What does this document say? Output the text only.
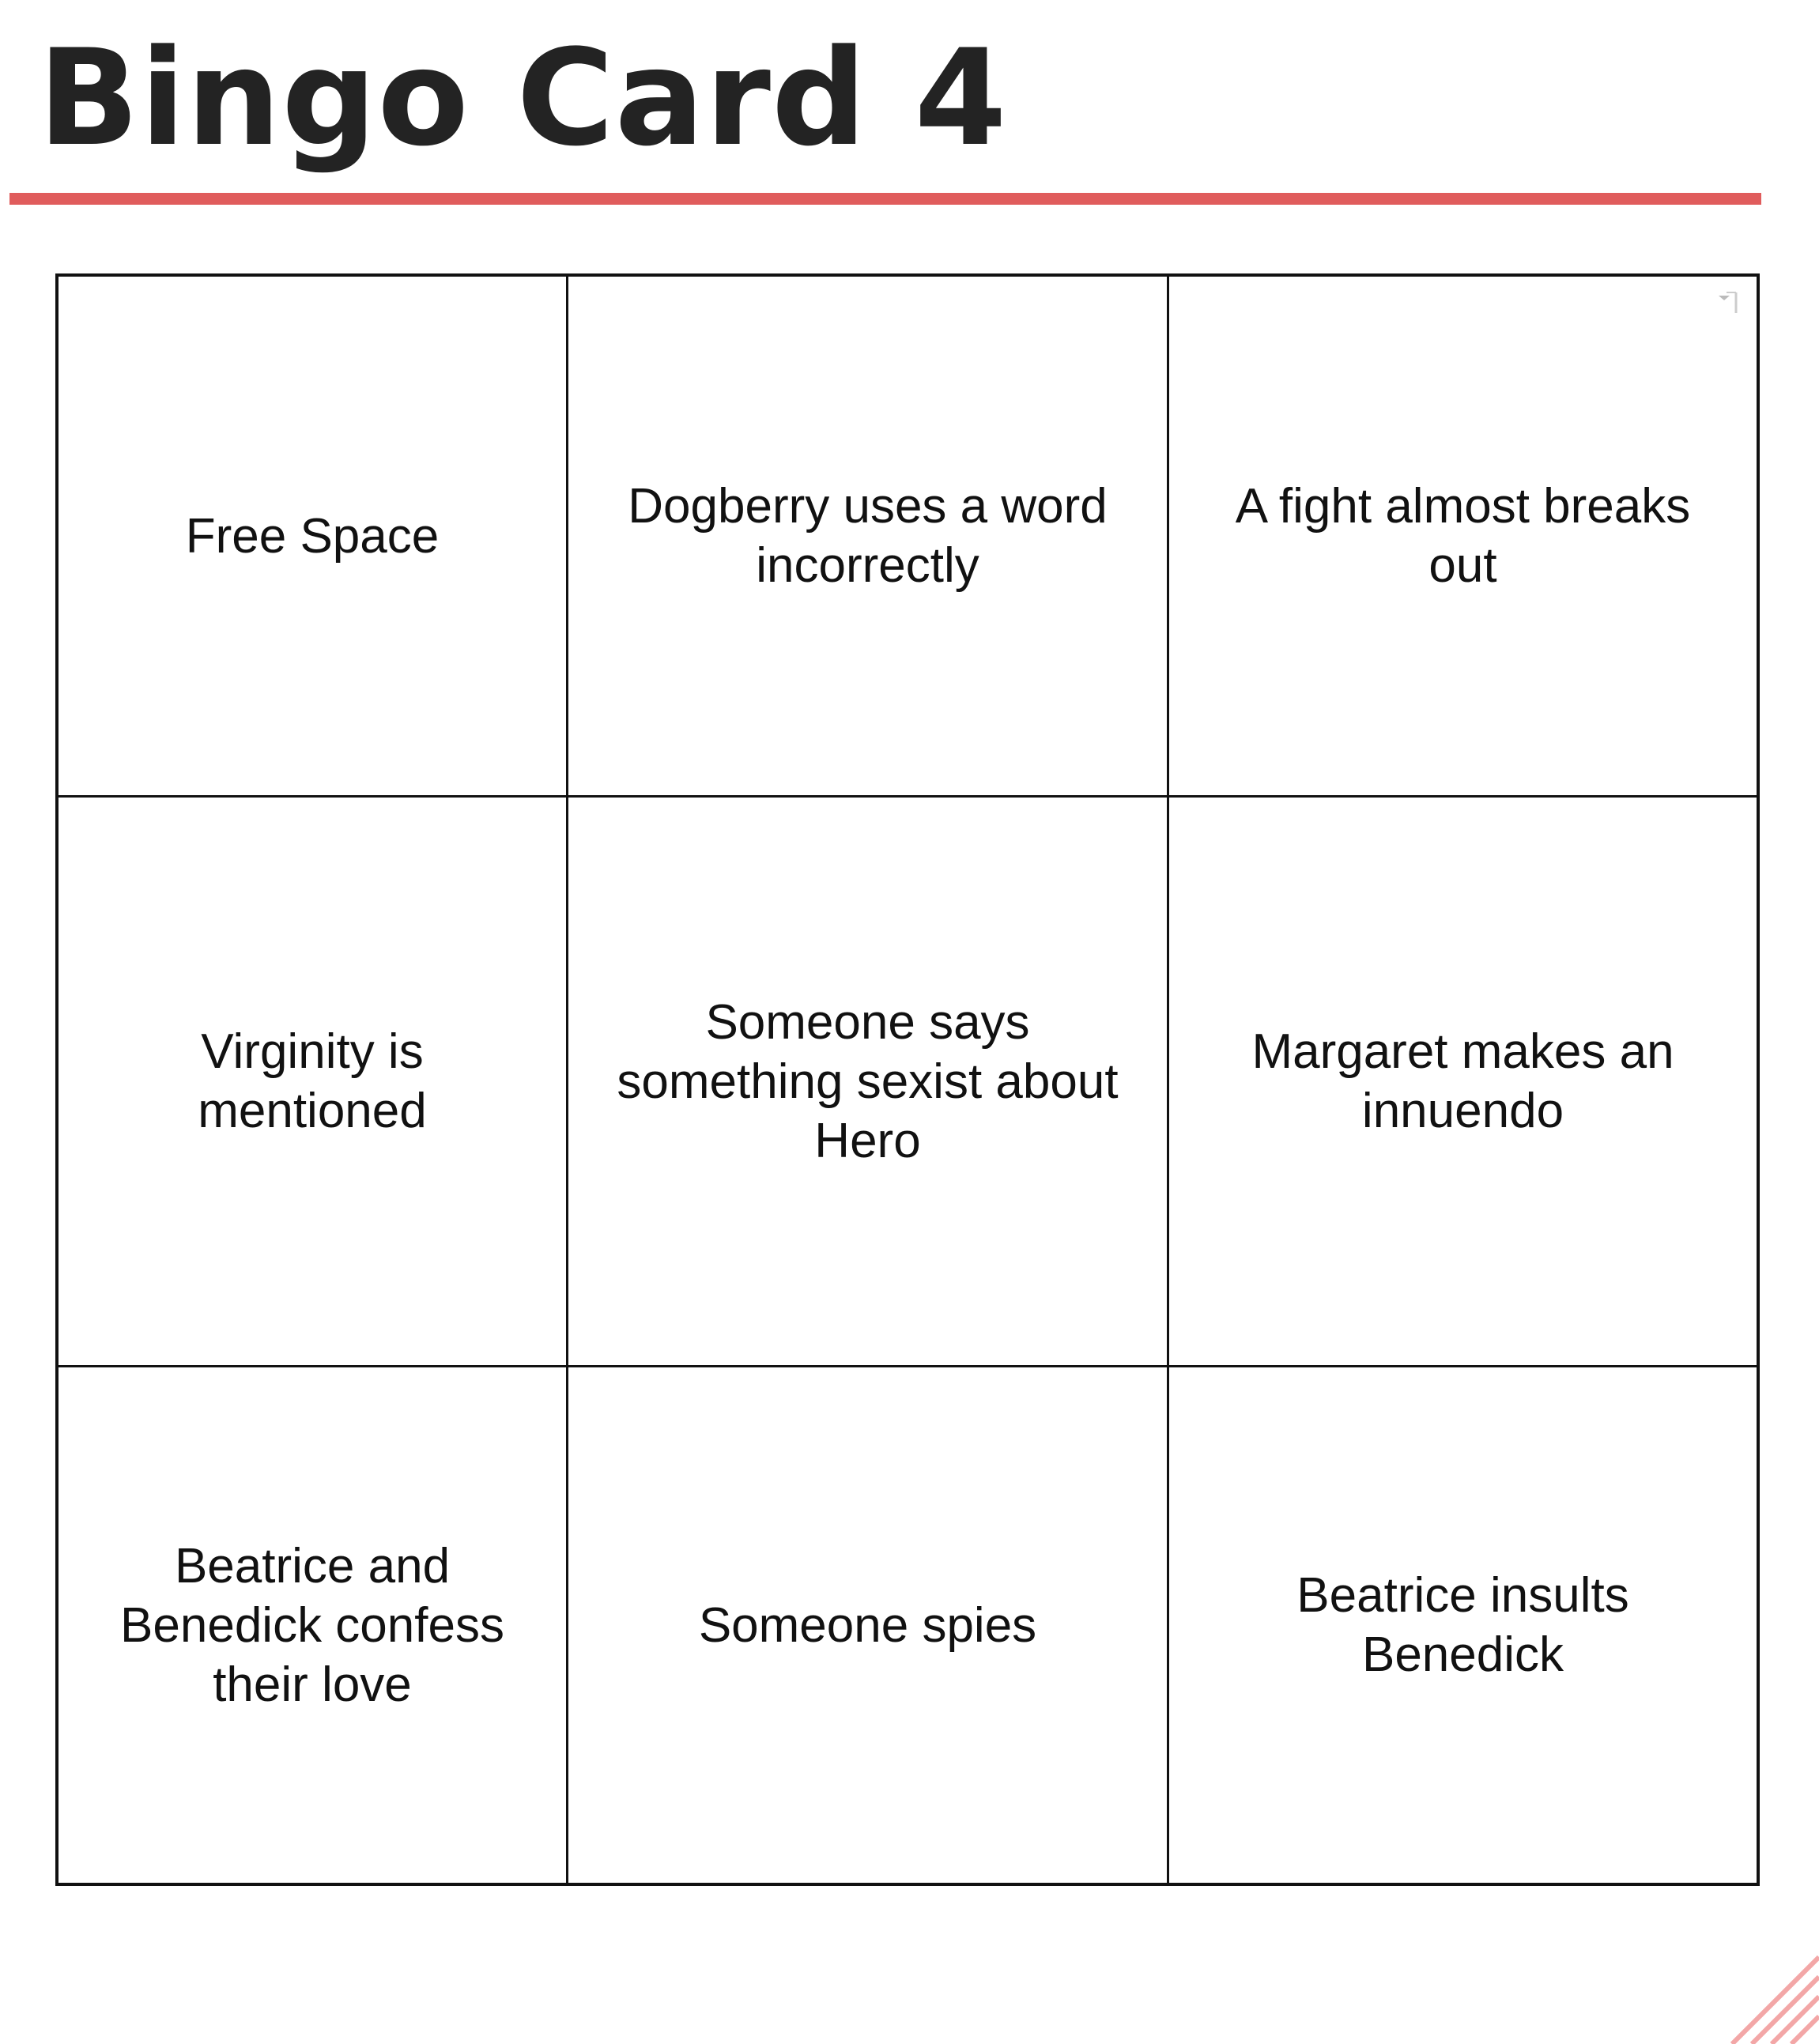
Bingo Card 4
Free Space
Dogberry uses a word incorrectly
A fight almost breaks out
Virginity is mentioned
Someone says something sexist about Hero
Margaret makes an innuendo
Beatrice and Benedick confess their love
Someone spies
Beatrice insults Benedick
